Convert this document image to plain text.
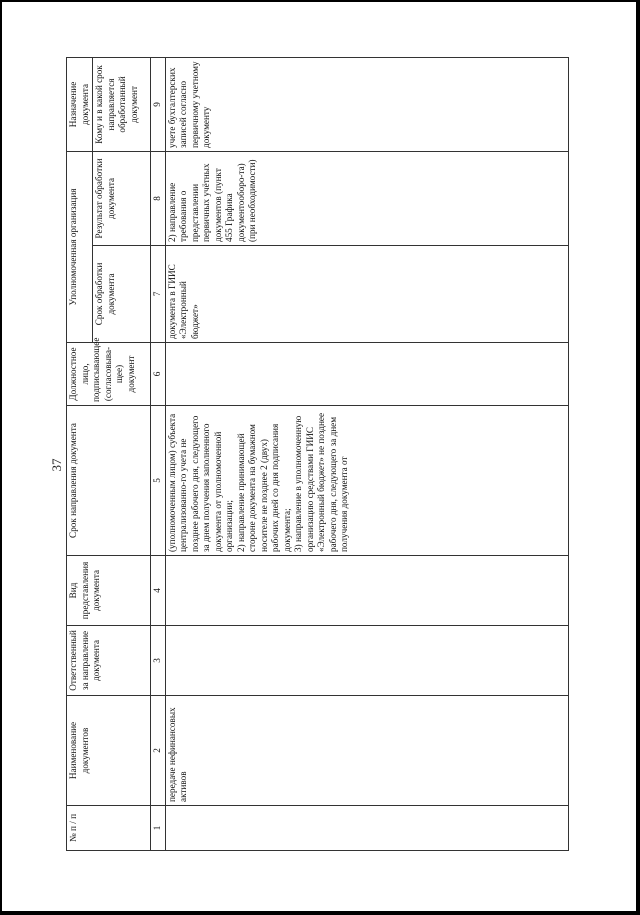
37
№ п / п	Наименование документов	Ответственный за направление документа	Вид представления документа	Срок направления документа	Должностное лицо, подписывающее (согласовыва-щее) документ	Уполномоченная организация		Назначение документа
						Срок обработки документа	Результат обработки документа	Кому и в какой срок направляется обработанный документ
1	2	3	4	5	6	7	8	9
	передаче нефинансовых активов			(уполномоченным лицом) субъекта централизованно-го учета не позднее рабочего дня, следующего за днем получения заполненного документа от уполномоченной организации;
2) направление принимающей стороне документа на бумажном носителе не позднее 2 (двух) рабочих дней со дня подписания документа;
3) направление в уполномоченную организацию средствами ГИИС «Электронный бюджет» не позднее рабочего дня, следующего за днем получения документа от		документа в ГИИС «Электронный бюджет»	2) направление требования о представлении первичных учётных документов (пункт 455 Графика документооборо-та) (при необходимости)	учете бухгалтерских записей согласно первичному учетному документу
